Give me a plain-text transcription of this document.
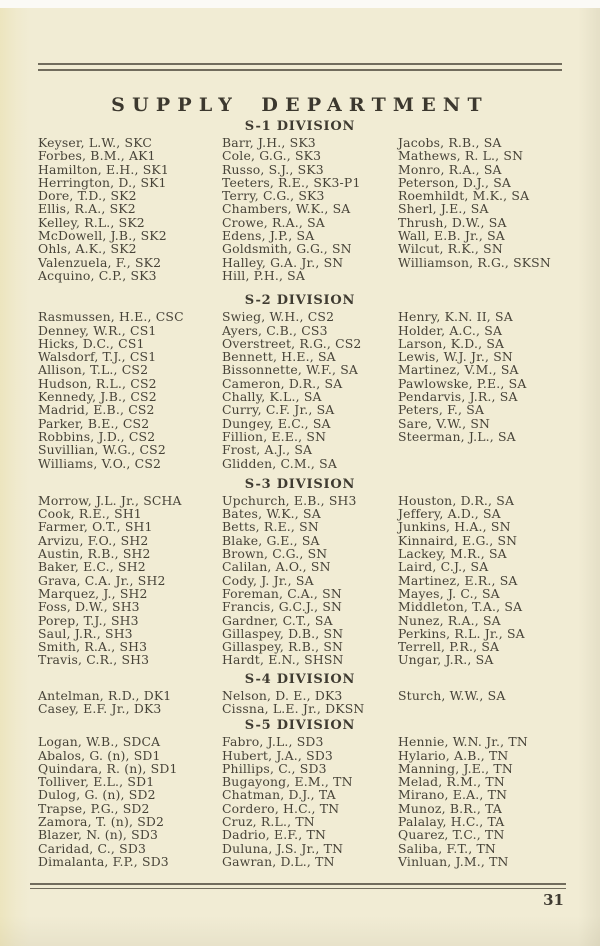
SUPPLY DEPARTMENT
S-1 DIVISION
Keyser, L.W., SKC
Forbes, B.M., AK1
Hamilton, E.H., SK1
Herrington, D., SK1
Dore, T.D., SK2
Ellis, R.A., SK2
Kelley, R.L., SK2
McDowell, J.B., SK2
Ohls, A.K., SK2
Valenzuela, F., SK2
Acquino, C.P., SK3
Barr, J.H., SK3
Cole, G.G., SK3
Russo, S.J., SK3
Teeters, R.E., SK3-P1
Terry, C.G., SK3
Chambers, W.K., SA
Crowe, R.A., SA
Edens, J.P., SA
Goldsmith, G.G., SN
Halley, G.A. Jr., SN
Hill, P.H., SA
Jacobs, R.B., SA
Mathews, R. L., SN
Monro, R.A., SA
Peterson, D.J., SA
Roemhildt, M.K., SA
Sherl, J.E., SA
Thrush, D.W., SA
Wall, E.B. Jr., SA
Wilcut, R.K., SN
Williamson, R.G., SKSN
S-2 DIVISION
Rasmussen, H.E., CSC
Denney, W.R., CS1
Hicks, D.C., CS1
Walsdorf, T.J., CS1
Allison, T.L., CS2
Hudson, R.L., CS2
Kennedy, J.B., CS2
Madrid, E.B., CS2
Parker, B.E., CS2
Robbins, J.D., CS2
Suvillian, W.G., CS2
Williams, V.O., CS2
Swieg, W.H., CS2
Ayers, C.B., CS3
Overstreet, R.G., CS2
Bennett, H.E., SA
Bissonnette, W.F., SA
Cameron, D.R., SA
Chally, K.L., SA
Curry, C.F. Jr., SA
Dungey, E.C., SA
Fillion, E.E., SN
Frost, A.J., SA
Glidden, C.M., SA
Henry, K.N. II, SA
Holder, A.C., SA
Larson, K.D., SA
Lewis, W.J. Jr., SN
Martinez, V.M., SA
Pawlowske, P.E., SA
Pendarvis, J.R., SA
Peters, F., SA
Sare, V.W., SN
Steerman, J.L., SA
S-3 DIVISION
Morrow, J.L. Jr., SCHA
Cook, R.E., SH1
Farmer, O.T., SH1
Arvizu, F.O., SH2
Austin, R.B., SH2
Baker, E.C., SH2
Grava, C.A. Jr., SH2
Marquez, J., SH2
Foss, D.W., SH3
Porep, T.J., SH3
Saul, J.R., SH3
Smith, R.A., SH3
Travis, C.R., SH3
Upchurch, E.B., SH3
Bates, W.K., SA
Betts, R.E., SN
Blake, G.E., SA
Brown, C.G., SN
Calilan, A.O., SN
Cody, J. Jr., SA
Foreman, C.A., SN
Francis, G.C.J., SN
Gardner, C.T., SA
Gillaspey, D.B., SN
Gillaspey, R.B., SN
Hardt, E.N., SHSN
Houston, D.R., SA
Jeffery, A.D., SA
Junkins, H.A., SN
Kinnaird, E.G., SN
Lackey, M.R., SA
Laird, C.J., SA
Martinez, E.R., SA
Mayes, J. C., SA
Middleton, T.A., SA
Nunez, R.A., SA
Perkins, R.L. Jr., SA
Terrell, P.R., SA
Ungar, J.R., SA
S-4 DIVISION
Antelman, R.D., DK1
Casey, E.F. Jr., DK3
Nelson, D. E., DK3
Cissna, L.E. Jr., DKSN
Sturch, W.W., SA
S-5 DIVISION
Logan, W.B., SDCA
Abalos, G. (n), SD1
Quindara, R. (n), SD1
Tolliver, E.L., SD1
Dulog, G. (n), SD2
Trapse, P.G., SD2
Zamora, T. (n), SD2
Blazer, N. (n), SD3
Caridad, C., SD3
Dimalanta, F.P., SD3
Fabro, J.L., SD3
Hubert, J.A., SD3
Phillips, C., SD3
Bugayong, E.M., TN
Chatman, D.J., TA
Cordero, H.C., TN
Cruz, R.L., TN
Dadrio, E.F., TN
Duluna, J.S. Jr., TN
Gawran, D.L., TN
Hennie, W.N. Jr., TN
Hylario, A.B., TN
Manning, J.E., TN
Melad, R.M., TN
Mirano, E.A., TN
Munoz, B.R., TA
Palalay, H.C., TA
Quarez, T.C., TN
Saliba, F.T., TN
Vinluan, J.M., TN
31
